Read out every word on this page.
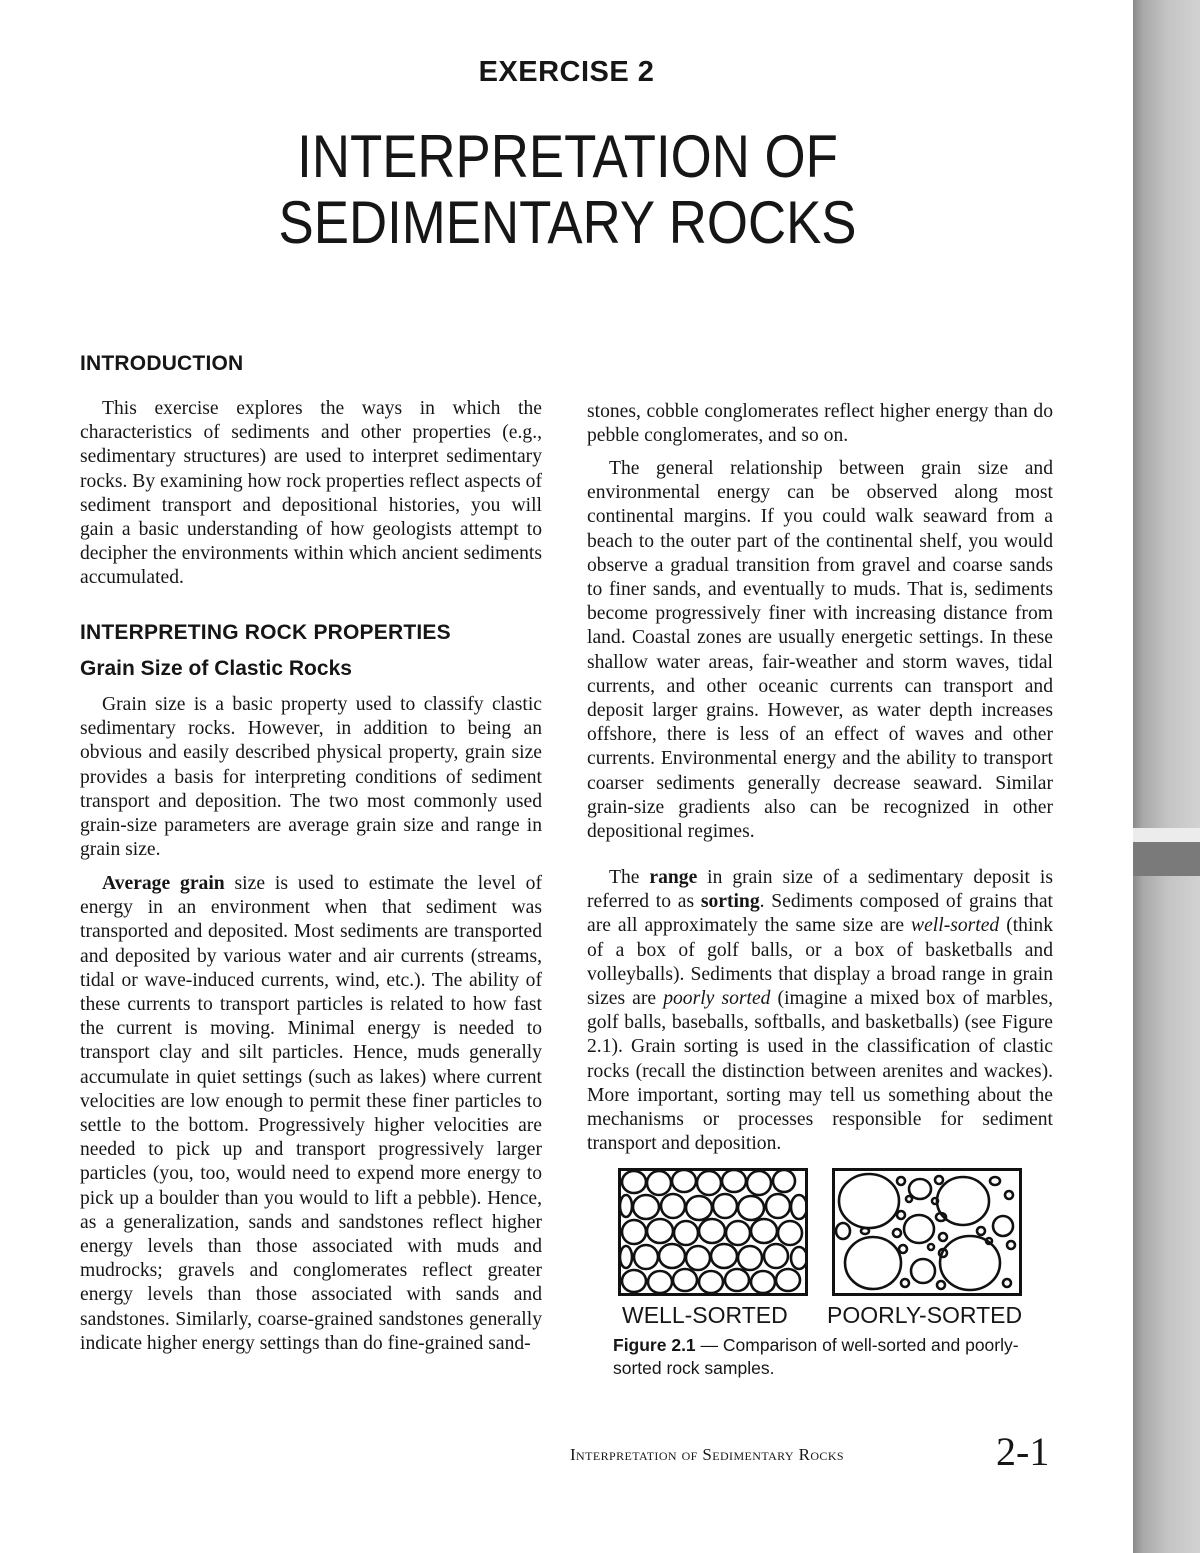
EXERCISE 2

INTERPRETATION OF
SEDIMENTARY ROCKS
INTRODUCTION

This exercise explores the ways in which the characteristics of sediments and other properties (e.g., sedimentary structures) are used to interpret sedimentary rocks. By examining how rock properties reflect aspects of sediment transport and depositional histories, you will gain a basic understanding of how geologists attempt to decipher the environments within which ancient sediments accumulated.

INTERPRETING ROCK PROPERTIES
Grain Size of Clastic Rocks

Grain size is a basic property used to classify clastic sedimentary rocks. However, in addition to being an obvious and easily described physical property, grain size provides a basis for interpreting conditions of sediment transport and deposition. The two most commonly used grain-size parameters are average grain size and range in grain size.

Average grain size is used to estimate the level of energy in an environment when that sediment was transported and deposited. Most sediments are transported and deposited by various water and air currents (streams, tidal or wave-induced currents, wind, etc.). The ability of these currents to transport particles is related to how fast the current is moving. Minimal energy is needed to transport clay and silt particles. Hence, muds generally accumulate in quiet settings (such as lakes) where current velocities are low enough to permit these finer particles to settle to the bottom. Progressively higher velocities are needed to pick up and transport progressively larger particles (you, too, would need to expend more energy to pick up a boulder than you would to lift a pebble). Hence, as a generalization, sands and sandstones reflect higher energy levels than those associated with muds and mudrocks; gravels and conglomerates reflect greater energy levels than those associated with sands and sandstones. Similarly, coarse-grained sandstones generally indicate higher energy settings than do fine-grained sand-

stones, cobble conglomerates reflect higher energy than do pebble conglomerates, and so on.

The general relationship between grain size and environmental energy can be observed along most continental margins. If you could walk seaward from a beach to the outer part of the continental shelf, you would observe a gradual transition from gravel and coarse sands to finer sands, and eventually to muds. That is, sediments become progressively finer with increasing distance from land. Coastal zones are usually energetic settings. In these shallow water areas, fair-weather and storm waves, tidal currents, and other oceanic currents can transport and deposit larger grains. However, as water depth increases offshore, there is less of an effect of waves and other currents. Environmental energy and the ability to transport coarser sediments generally decrease seaward. Similar grain-size gradients also can be recognized in other depositional regimes.

The range in grain size of a sedimentary deposit is referred to as sorting. Sediments composed of grains that are all approximately the same size are well-sorted (think of a box of golf balls, or a box of basketballs and volleyballs). Sediments that display a broad range in grain sizes are poorly sorted (imagine a mixed box of marbles, golf balls, baseballs, softballs, and basketballs) (see Figure 2.1). Grain sorting is used in the classification of clastic rocks (recall the distinction between arenites and wackes). More important, sorting may tell us something about the mechanisms or processes responsible for sediment transport and deposition.

WELL-SORTED POORLY-SORTED

Figure 2.1 — Comparison of well-sorted and poorly-sorted rock samples.

Interpretation of Sedimentary Rocks	2-1
